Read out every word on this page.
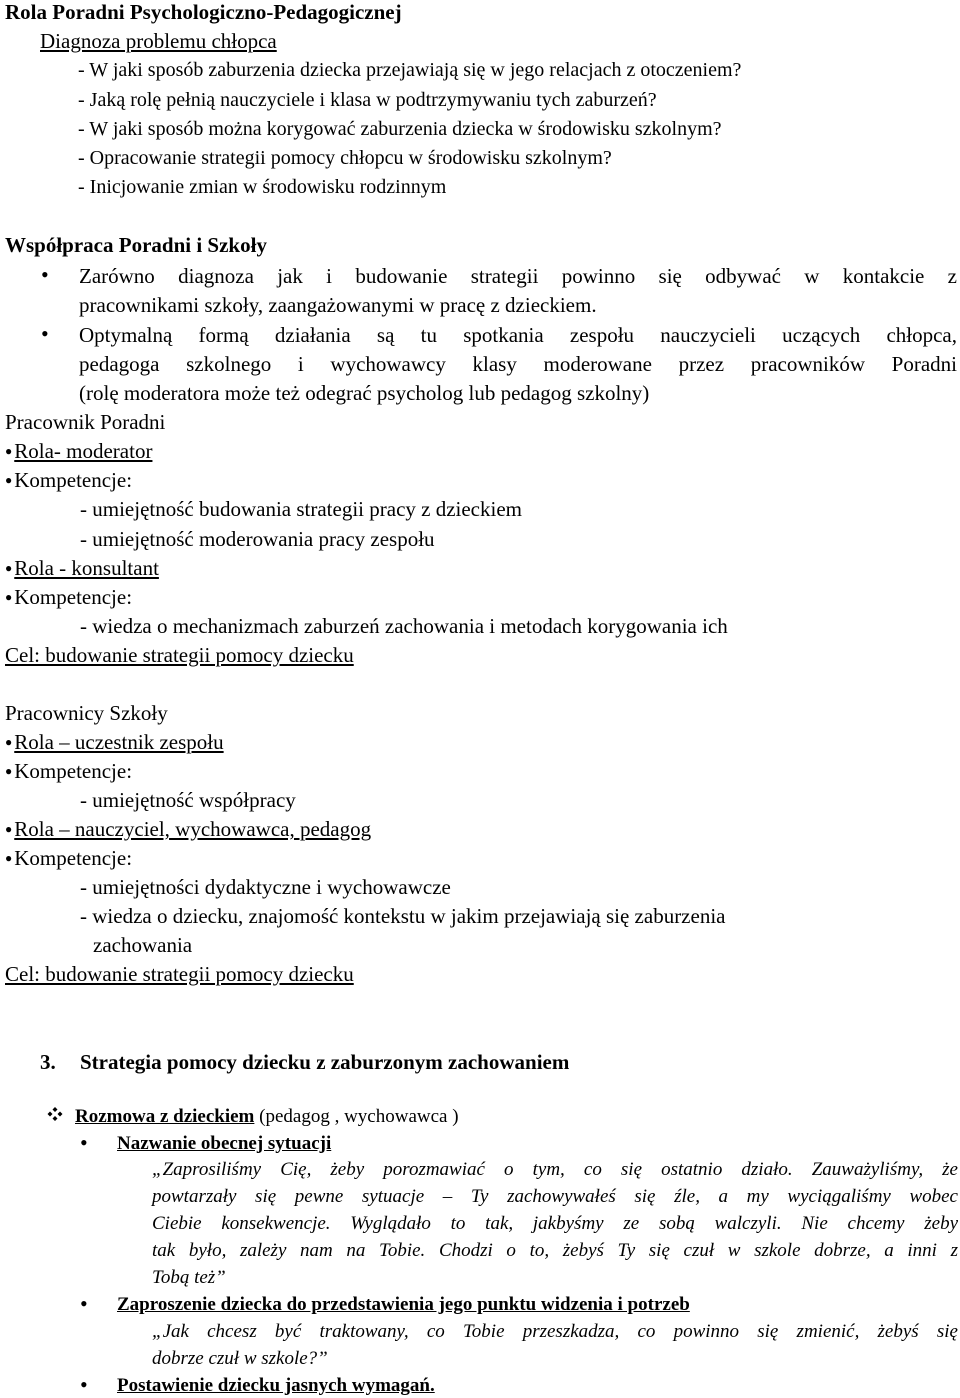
Rola Poradni Psychologiczno-Pedagogicznej
Diagnoza problemu chłopca
- W jaki sposób zaburzenia dziecka przejawiają się w jego relacjach z otoczeniem?
- Jaką rolę pełnią nauczyciele i klasa w podtrzymywaniu tych zaburzeń?
- W jaki sposób można korygować zaburzenia dziecka w środowisku szkolnym?
- Opracowanie strategii pomocy chłopcu w środowisku szkolnym?
- Inicjowanie zmian w środowisku rodzinnym
Współpraca Poradni i Szkoły
• Zarówno diagnoza jak i budowanie strategii powinno się odbywać w kontakcie z
pracownikami szkoły, zaangażowanymi w pracę z dzieckiem.
• Optymalną formą działania są tu spotkania zespołu nauczycieli uczących chłopca,
pedagoga szkolnego i wychowawcy klasy moderowane przez pracowników Poradni
(rolę moderatora może też odegrać psycholog lub pedagog szkolny)
Pracownik Poradni
●Rola- moderator
●Kompetencje:
- umiejętność budowania strategii pracy z dzieckiem
- umiejętność moderowania pracy zespołu
●Rola - konsultant
●Kompetencje:
- wiedza o mechanizmach zaburzeń zachowania i metodach korygowania ich
Cel: budowanie strategii pomocy dziecku
Pracownicy Szkoły
●Rola – uczestnik zespołu
●Kompetencje:
- umiejętność współpracy
●Rola – nauczyciel, wychowawca, pedagog
●Kompetencje:
- umiejętności dydaktyczne i wychowawcze
- wiedza o dziecku, znajomość kontekstu w jakim przejawiają się zaburzenia
zachowania
Cel: budowanie strategii pomocy dziecku
3. Strategia pomocy dziecku z zaburzonym zachowaniem
Rozmowa z dzieckiem (pedagog , wychowawca )
• Nazwanie obecnej sytuacji
„Zaprosiliśmy Cię, żeby porozmawiać o tym, co się ostatnio działo. Zauważyliśmy, że
powtarzały się pewne sytuacje – Ty zachowywałeś się źle, a my wyciągaliśmy wobec
Ciebie konsekwencje. Wyglądało to tak, jakbyśmy ze sobą walczyli. Nie chcemy żeby
tak było, zależy nam na Tobie. Chodzi o to, żebyś Ty się czuł w szkole dobrze, a inni z
Tobą też”
• Zaproszenie dziecka do przedstawienia jego punktu widzenia i potrzeb
„Jak chcesz być traktowany, co Tobie przeszkadza, co powinno się zmienić, żebyś się
dobrze czuł w szkole?”
• Postawienie dziecku jasnych wymagań.
